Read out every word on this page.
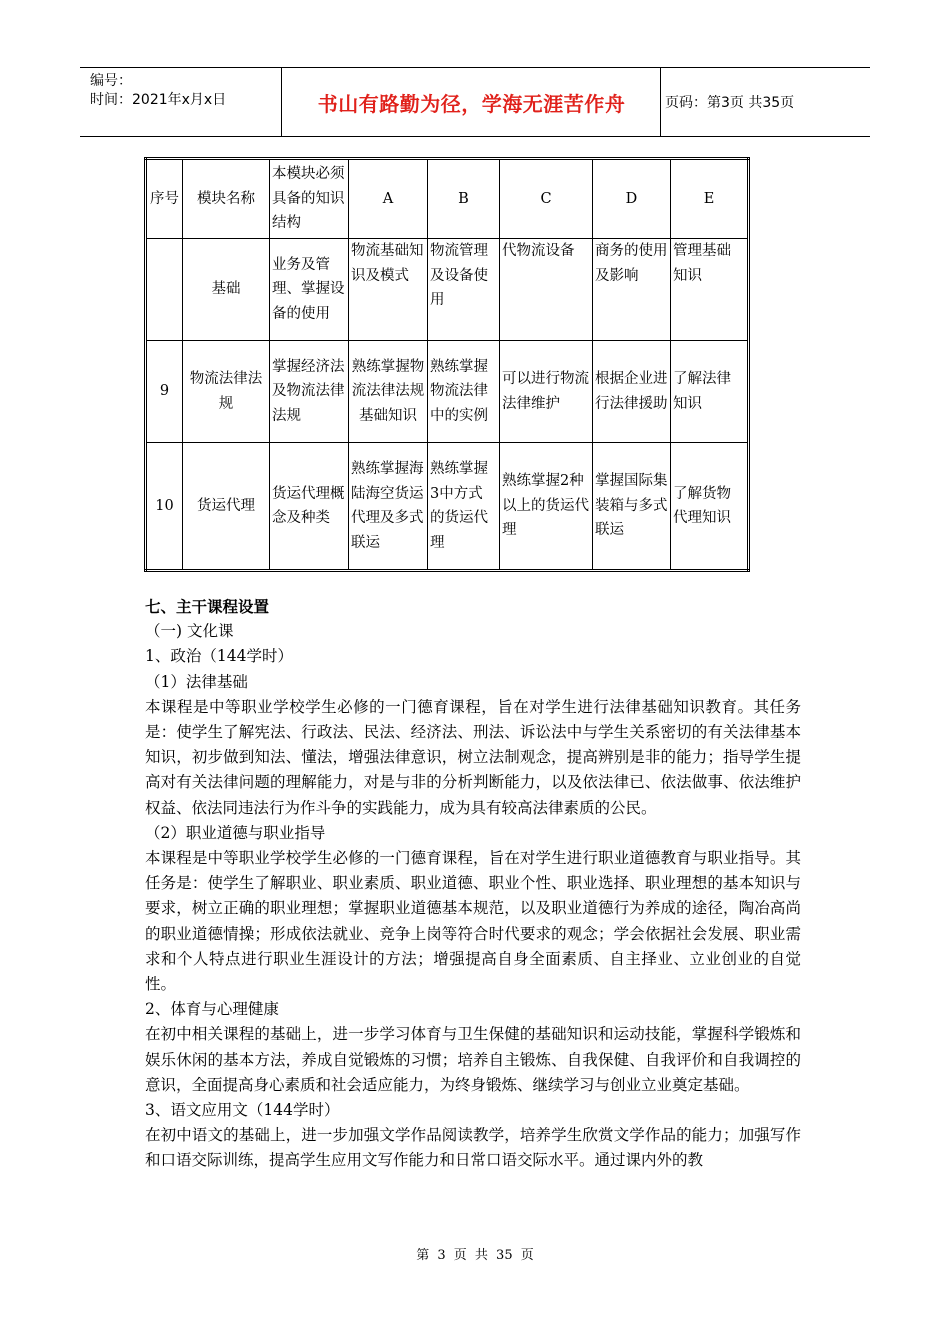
编号：
时间：2021年x月x日	书山有路勤为径，学海无涯苦作舟	页码：第3页 共35页
序号	模块名称	本模块必须具备的知识结构	A	B	C	D	E
	基础	业务及管理、掌握设备的使用	物流基础知识及模式	物流管理及设备使用	代物流设备	商务的使用及影响	管理基础知识
9	物流法律法规	掌握经济法及物流法律法规	熟练掌握物流法律法规基础知识	熟练掌握物流法律中的实例	可以进行物流法律维护	根据企业进行法律援助	了解法律知识
10	货运代理	货运代理概念及种类	熟练掌握海陆海空货运代理及多式联运	熟练掌握3中方式的货运代理	熟练掌握2种以上的货运代理	掌握国际集装箱与多式联运	了解货物代理知识

七、主干课程设置

（一) 文化课

1、政治（144学时）

（1）法律基础

本课程是中等职业学校学生必修的一门德育课程，旨在对学生进行法律基础知识教育。其任务是：使学生了解宪法、行政法、民法、经济法、刑法、诉讼法中与学生关系密切的有关法律基本知识，初步做到知法、懂法，增强法律意识，树立法制观念，提高辨别是非的能力；指导学生提高对有关法律问题的理解能力，对是与非的分析判断能力，以及依法律已、依法做事、依法维护权益、依法同违法行为作斗争的实践能力，成为具有较高法律素质的公民。

（2）职业道德与职业指导

本课程是中等职业学校学生必修的一门德育课程，旨在对学生进行职业道德教育与职业指导。其任务是：使学生了解职业、职业素质、职业道德、职业个性、职业选择、职业理想的基本知识与要求，树立正确的职业理想；掌握职业道德基本规范，以及职业道德行为养成的途径，陶冶高尚的职业道德情操；形成依法就业、竞争上岗等符合时代要求的观念；学会依据社会发展、职业需求和个人特点进行职业生涯设计的方法；增强提高自身全面素质、自主择业、立业创业的自觉性。

2、体育与心理健康

在初中相关课程的基础上，进一步学习体育与卫生保健的基础知识和运动技能，掌握科学锻炼和娱乐休闲的基本方法，养成自觉锻炼的习惯；培养自主锻炼、自我保健、自我评价和自我调控的意识，全面提高身心素质和社会适应能力，为终身锻炼、继续学习与创业立业奠定基础。

3、语文应用文（144学时）

在初中语文的基础上，进一步加强文学作品阅读教学，培养学生欣赏文学作品的能力；加强写作和口语交际训练，提高学生应用文写作能力和日常口语交际水平。通过课内外的教

第 3 页 共 35 页
